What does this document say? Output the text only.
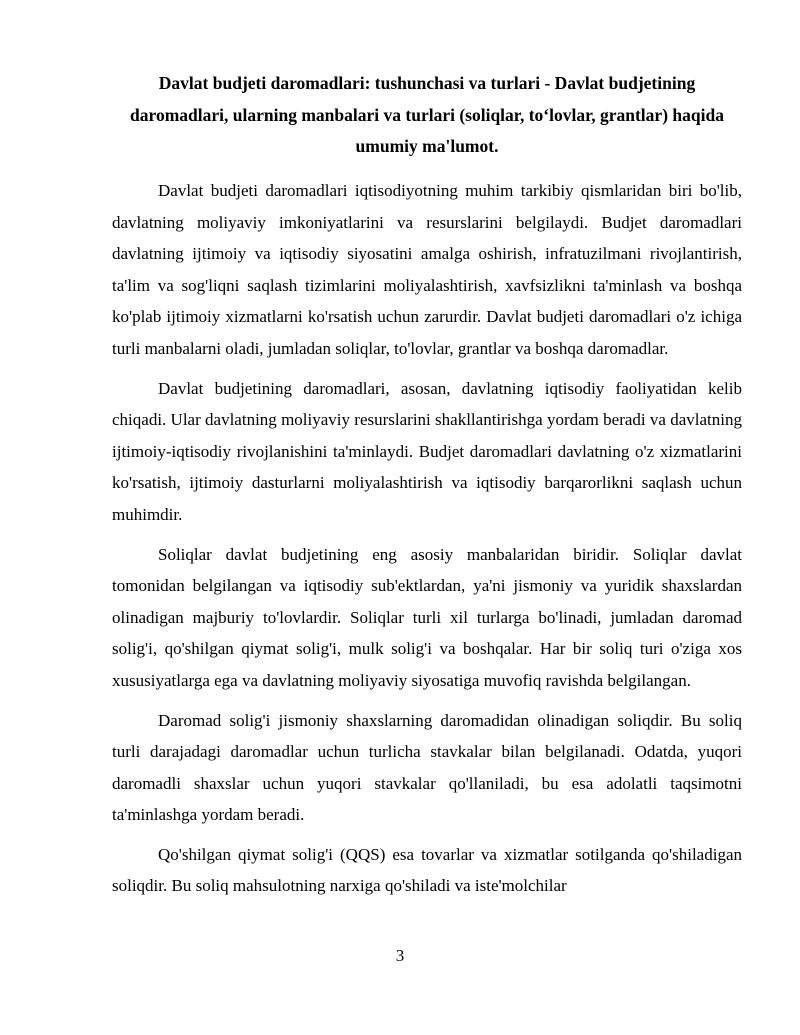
Davlat budjeti daromadlari: tushunchasi va turlari - Davlat budjetining daromadlari, ularning manbalari va turlari (soliqlar, to‘lovlar, grantlar) haqida umumiy ma'lumot.

Davlat budjeti daromadlari iqtisodiyotning muhim tarkibiy qismlaridan biri bo'lib, davlatning moliyaviy imkoniyatlarini va resurslarini belgilaydi. Budjet daromadlari davlatning ijtimoiy va iqtisodiy siyosatini amalga oshirish, infratuzilmani rivojlantirish, ta'lim va sog'liqni saqlash tizimlarini moliyalashtirish, xavfsizlikni ta'minlash va boshqa ko'plab ijtimoiy xizmatlarni ko'rsatish uchun zarurdir. Davlat budjeti daromadlari o'z ichiga turli manbalarni oladi, jumladan soliqlar, to'lovlar, grantlar va boshqa daromadlar.

Davlat budjetining daromadlari, asosan, davlatning iqtisodiy faoliyatidan kelib chiqadi. Ular davlatning moliyaviy resurslarini shakllantirishga yordam beradi va davlatning ijtimoiy-iqtisodiy rivojlanishini ta'minlaydi. Budjet daromadlari davlatning o'z xizmatlarini ko'rsatish, ijtimoiy dasturlarni moliyalashtirish va iqtisodiy barqarorlikni saqlash uchun muhimdir.

Soliqlar davlat budjetining eng asosiy manbalaridan biridir. Soliqlar davlat tomonidan belgilangan va iqtisodiy sub'ektlardan, ya'ni jismoniy va yuridik shaxslardan olinadigan majburiy to'lovlardir. Soliqlar turli xil turlarga bo'linadi, jumladan daromad solig'i, qo'shilgan qiymat solig'i, mulk solig'i va boshqalar. Har bir soliq turi o'ziga xos xususiyatlarga ega va davlatning moliyaviy siyosatiga muvofiq ravishda belgilangan.

Daromad solig'i jismoniy shaxslarning daromadidan olinadigan soliqdir. Bu soliq turli darajadagi daromadlar uchun turlicha stavkalar bilan belgilanadi. Odatda, yuqori daromadli shaxslar uchun yuqori stavkalar qo'llaniladi, bu esa adolatli taqsimotni ta'minlashga yordam beradi.

Qo'shilgan qiymat solig'i (QQS) esa tovarlar va xizmatlar sotilganda qo'shiladigan soliqdir. Bu soliq mahsulotning narxiga qo'shiladi va iste'molchilar

3
